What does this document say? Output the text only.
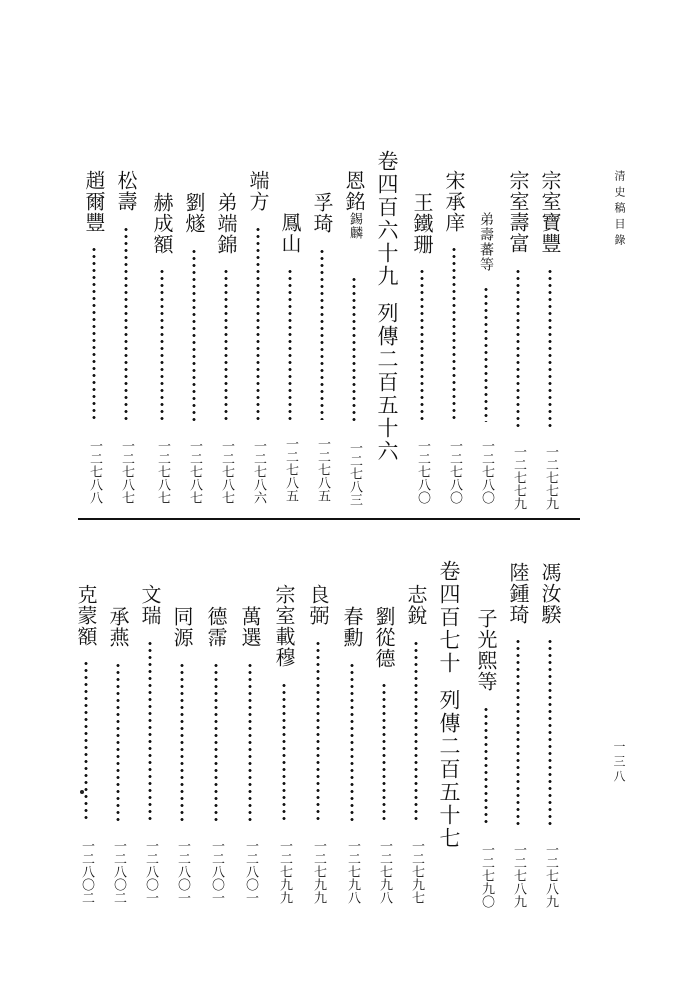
清史稿目錄
一三八
宗室寶豐
一二七七九
宗室壽富
一二七七九
弟壽蕃等
一二七八〇
宋承庠
一二七八〇
王鐵珊
一二七八〇
卷四百六十九列傳二百五十六
恩銘錫麟
一二七八三
孚琦
一二七八五
鳳山
一二七八五
端方
一二七八六
弟端錦
一二七八七
劉燧
一二七八七
赫成額
一二七八七
松壽
一二七八七
趙爾豐
一二七八八
馮汝騤
一二七八九
陸鍾琦
一二七八九
子光熙等
一二七九〇
卷四百七十列傳二百五十七
志銳
一二七九七
劉從德
一二七九八
春勳
一二七九八
良弼
一二七九九
宗室載穆
一二七九九
萬選
一二八〇一
德霈
一二八〇一
同源
一二八〇一
文瑞
一二八〇一
承燕
一二八〇二
克蒙額
一二八〇二
